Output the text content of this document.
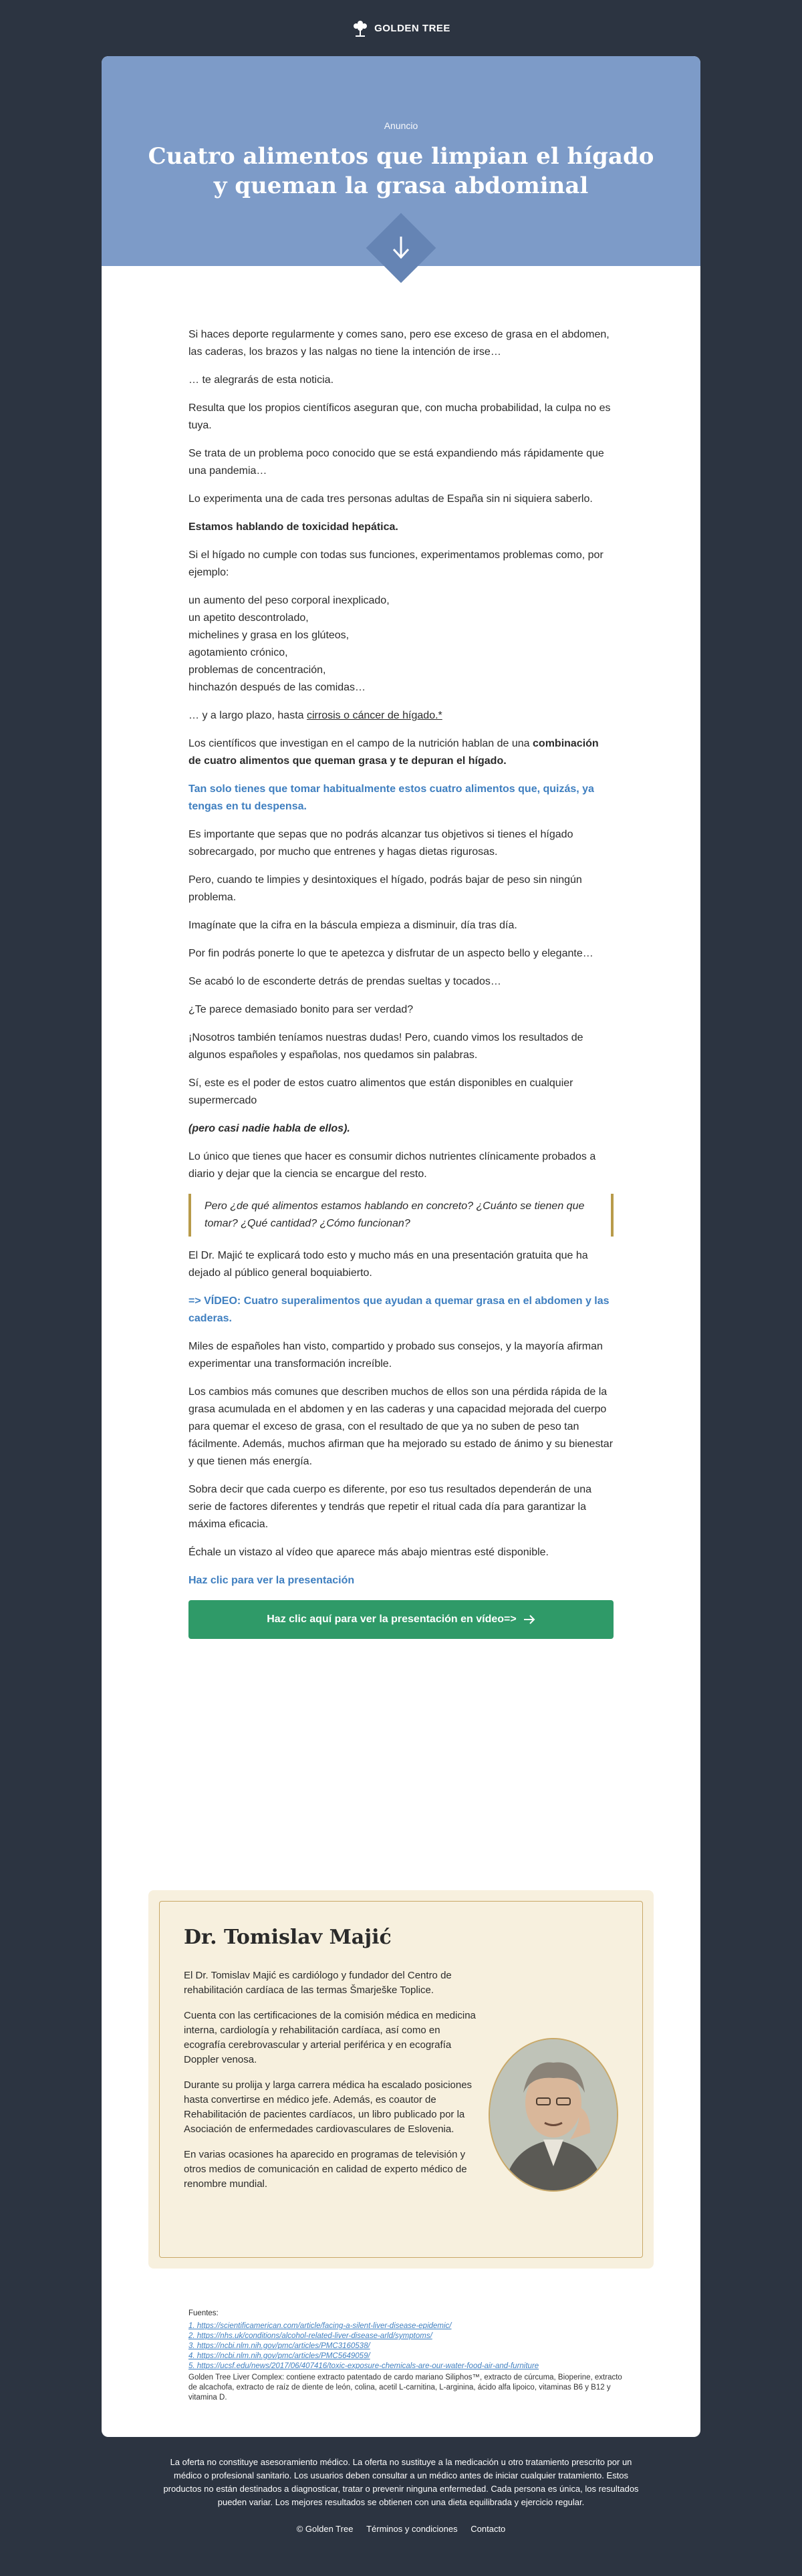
GOLDEN TREE
Anuncio
Cuatro alimentos que limpian el hígado y queman la grasa abdominal

Si haces deporte regularmente y comes sano, pero ese exceso de grasa en el abdomen, las caderas, los brazos y las nalgas no tiene la intención de irse…

… te alegrarás de esta noticia.

Resulta que los propios científicos aseguran que, con mucha probabilidad, la culpa no es tuya.

Se trata de un problema poco conocido que se está expandiendo más rápidamente que una pandemia…

Lo experimenta una de cada tres personas adultas de España sin ni siquiera saberlo.

Estamos hablando de toxicidad hepática.

Si el hígado no cumple con todas sus funciones, experimentamos problemas como, por ejemplo:

un aumento del peso corporal inexplicado,

un apetito descontrolado,

michelines y grasa en los glúteos,

agotamiento crónico,

problemas de concentración,

hinchazón después de las comidas…

… y a largo plazo, hasta cirrosis o cáncer de hígado.*

Los científicos que investigan en el campo de la nutrición hablan de una combinación de cuatro alimentos que queman grasa y te depuran el hígado.

Tan solo tienes que tomar habitualmente estos cuatro alimentos que, quizás, ya tengas en tu despensa.

Es importante que sepas que no podrás alcanzar tus objetivos si tienes el hígado sobrecargado, por mucho que entrenes y hagas dietas rigurosas.

Pero, cuando te limpies y desintoxiques el hígado, podrás bajar de peso sin ningún problema.

Imagínate que la cifra en la báscula empieza a disminuir, día tras día.

Por fin podrás ponerte lo que te apetezca y disfrutar de un aspecto bello y elegante…

Se acabó lo de esconderte detrás de prendas sueltas y tocados…

¿Te parece demasiado bonito para ser verdad?

¡Nosotros también teníamos nuestras dudas! Pero, cuando vimos los resultados de algunos españoles y españolas, nos quedamos sin palabras.

Sí, este es el poder de estos cuatro alimentos que están disponibles en cualquier supermercado

(pero casi nadie habla de ellos).

Lo único que tienes que hacer es consumir dichos nutrientes clínicamente probados a diario y dejar que la ciencia se encargue del resto.

Pero ¿de qué alimentos estamos hablando en concreto? ¿Cuánto se tienen que tomar? ¿Qué cantidad? ¿Cómo funcionan?

El Dr. Majić te explicará todo esto y mucho más en una presentación gratuita que ha dejado al público general boquiabierto.

=> VÍDEO: Cuatro superalimentos que ayudan a quemar grasa en el abdomen y las caderas.

Miles de españoles han visto, compartido y probado sus consejos, y la mayoría afirman experimentar una transformación increíble.

Los cambios más comunes que describen muchos de ellos son una pérdida rápida de la grasa acumulada en el abdomen y en las caderas y una capacidad mejorada del cuerpo para quemar el exceso de grasa, con el resultado de que ya no suben de peso tan fácilmente. Además, muchos afirman que ha mejorado su estado de ánimo y su bienestar y que tienen más energía.

Sobra decir que cada cuerpo es diferente, por eso tus resultados dependerán de una serie de factores diferentes y tendrás que repetir el ritual cada día para garantizar la máxima eficacia.

Échale un vistazo al vídeo que aparece más abajo mientras esté disponible.

Haz clic para ver la presentación

Haz clic aquí para ver la presentación en vídeo=>
Dr. Tomislav Majić

El Dr. Tomislav Majić es cardiólogo y fundador del Centro de rehabilitación cardíaca de las termas Šmarješke Toplice.

Cuenta con las certificaciones de la comisión médica en medicina interna, cardiología y rehabilitación cardíaca, así como en ecografía cerebrovascular y arterial periférica y en ecografía Doppler venosa.

Durante su prolija y larga carrera médica ha escalado posiciones hasta convertirse en médico jefe. Además, es coautor de Rehabilitación de pacientes cardíacos, un libro publicado por la Asociación de enfermedades cardiovasculares de Eslovenia.

En varias ocasiones ha aparecido en programas de televisión y otros medios de comunicación en calidad de experto médico de renombre mundial.

Fuentes:
1. https://scientificamerican.com/article/facing-a-silent-liver-disease-epidemic/
2. https://nhs.uk/conditions/alcohol-related-liver-disease-arld/symptoms/
3. https://ncbi.nlm.nih.gov/pmc/articles/PMC3160538/
4. https://ncbi.nlm.nih.gov/pmc/articles/PMC5649059/
5. https://ucsf.edu/news/2017/06/407416/toxic-exposure-chemicals-are-our-water-food-air-and-furniture
Golden Tree Liver Complex: contiene extracto patentado de cardo mariano Siliphos™, extracto de cúrcuma, Bioperine, extracto de alcachofa, extracto de raíz de diente de león, colina, acetil L-carnitina, L-arginina, ácido alfa lipoico, vitaminas B6 y B12 y vitamina D.
La oferta no constituye asesoramiento médico. La oferta no sustituye a la medicación u otro tratamiento prescrito por un médico o profesional sanitario. Los usuarios deben consultar a un médico antes de iniciar cualquier tratamiento. Estos productos no están destinados a diagnosticar, tratar o prevenir ninguna enfermedad. Cada persona es única, los resultados pueden variar. Los mejores resultados se obtienen con una dieta equilibrada y ejercicio regular.
© Golden Tree Términos y condiciones Contacto
